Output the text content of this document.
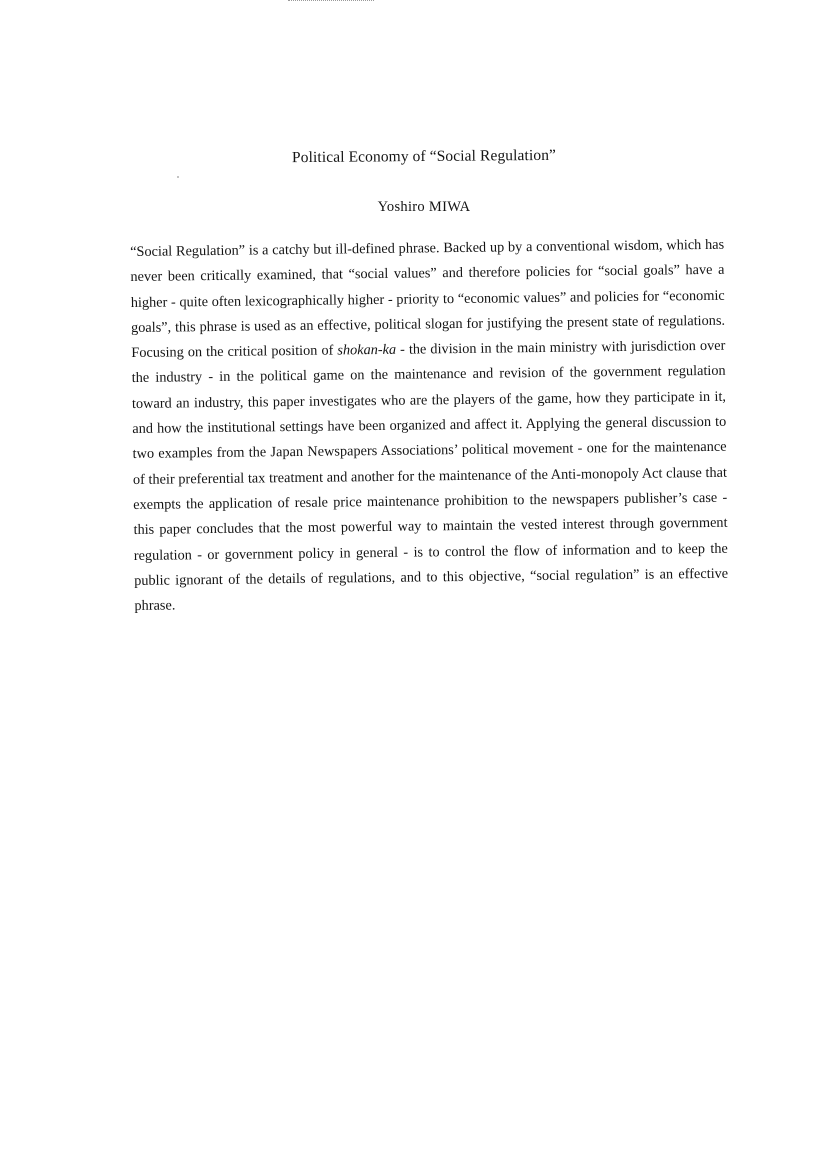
Political Economy of “Social Regulation”
Yoshiro MIWA

“Social Regulation” is a catchy but ill-defined phrase. Backed up by a conventional wisdom, which has never been critically examined, that “social values” and therefore policies for “social goals” have a higher - quite often lexicographically higher - priority to “economic values” and policies for “economic goals”, this phrase is used as an effective, political slogan for justifying the present state of regulations. Focusing on the critical position of shokan-ka - the division in the main ministry with jurisdiction over the industry - in the political game on the maintenance and revision of the government regulation toward an industry, this paper investigates who are the players of the game, how they participate in it, and how the institutional settings have been organized and affect it. Applying the general discussion to two examples from the Japan Newspapers Associations’ political movement - one for the maintenance of their preferential tax treatment and another for the maintenance of the Anti-monopoly Act clause that exempts the application of resale price maintenance prohibition to the newspapers publisher’s case - this paper concludes that the most powerful way to maintain the vested interest through government regulation - or government policy in general - is to control the flow of information and to keep the public ignorant of the details of regulations, and to this objective, “social regulation” is an effective phrase.
